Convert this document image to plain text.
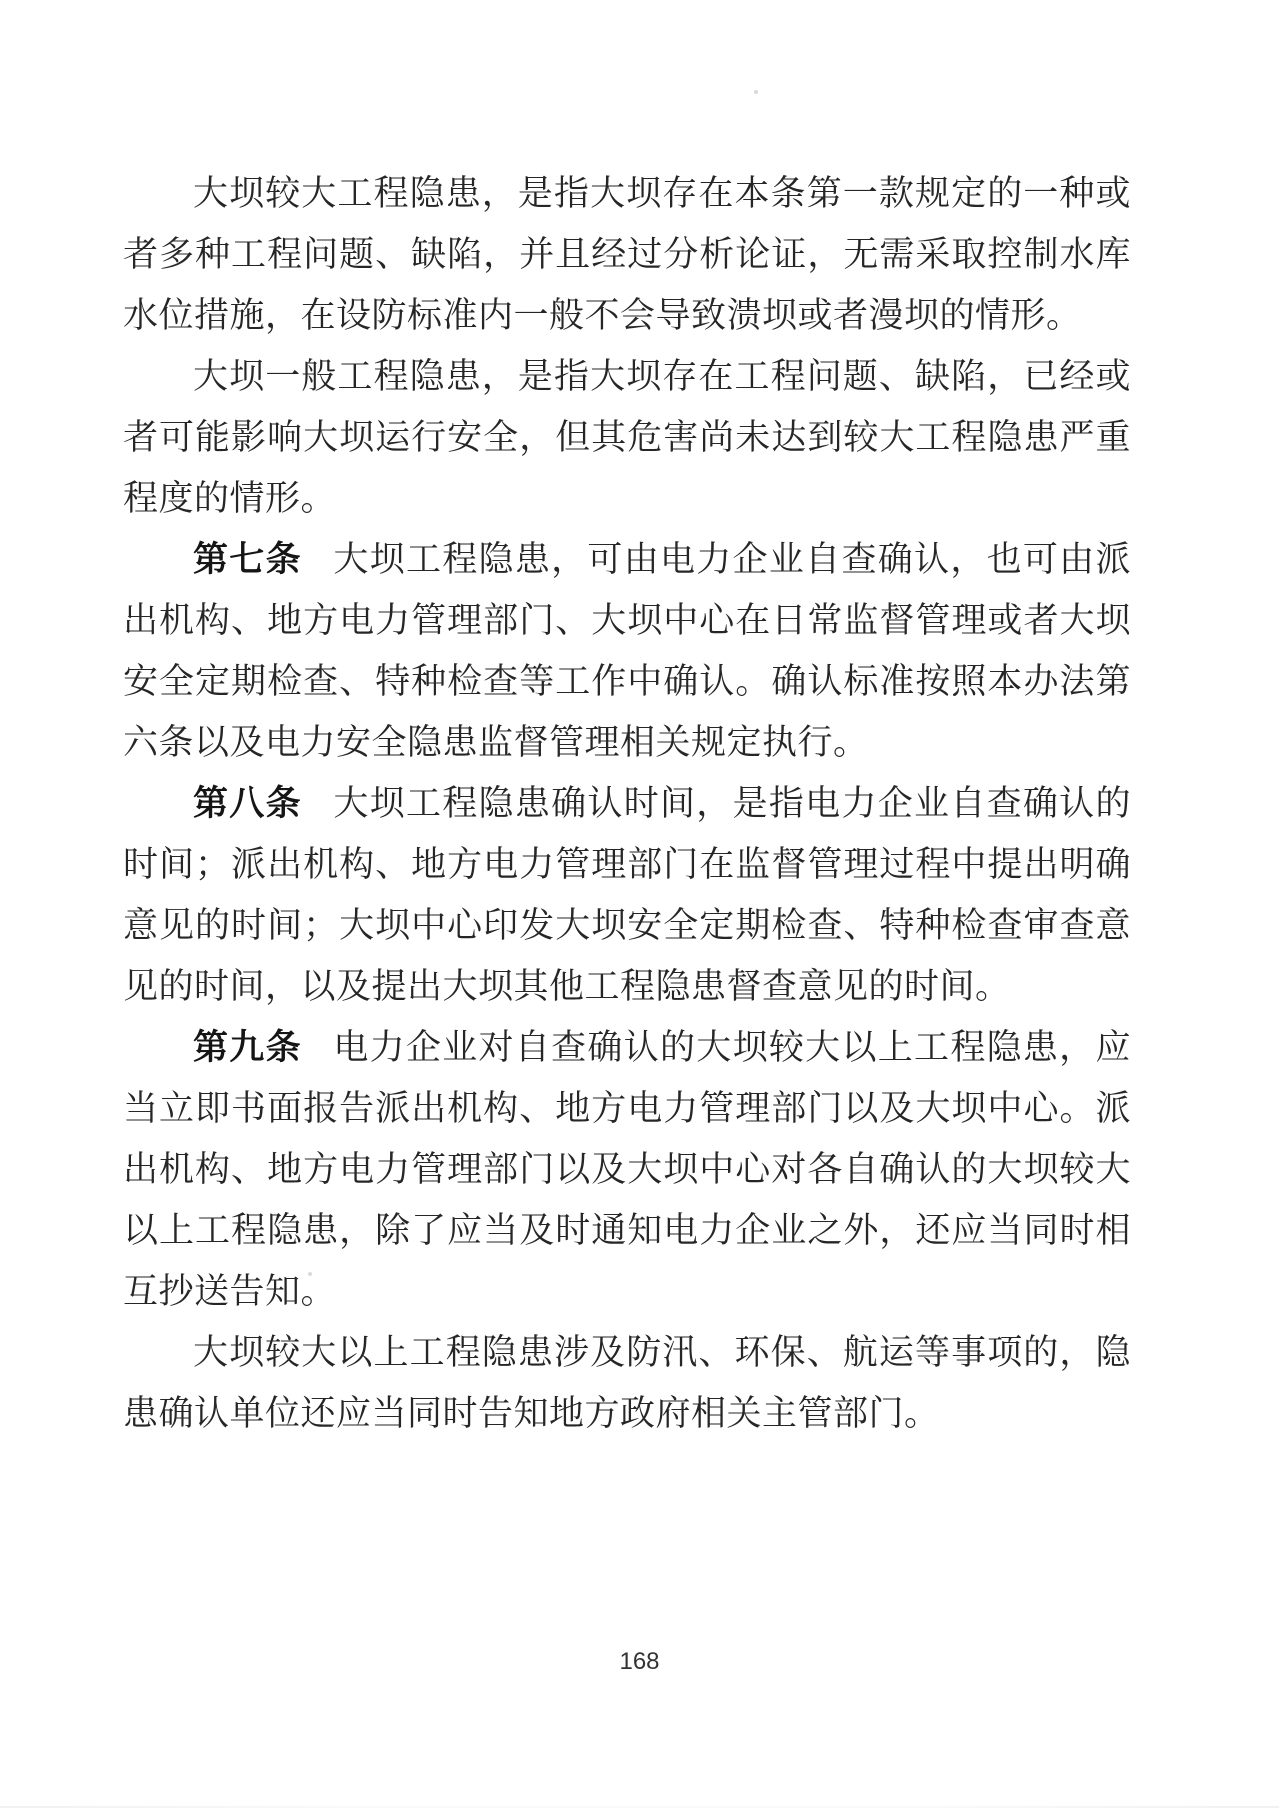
大坝较大工程隐患，是指大坝存在本条第一款规定的一种或
者多种工程问题、缺陷，并且经过分析论证，无需采取控制水库
水位措施，在设防标准内一般不会导致溃坝或者漫坝的情形。
大坝一般工程隐患，是指大坝存在工程问题、缺陷，已经或
者可能影响大坝运行安全，但其危害尚未达到较大工程隐患严重
程度的情形。
第七条 大坝工程隐患，可由电力企业自查确认，也可由派
出机构、地方电力管理部门、大坝中心在日常监督管理或者大坝
安全定期检查、特种检查等工作中确认。确认标准按照本办法第
六条以及电力安全隐患监督管理相关规定执行。
第八条 大坝工程隐患确认时间，是指电力企业自查确认的
时间；派出机构、地方电力管理部门在监督管理过程中提出明确
意见的时间；大坝中心印发大坝安全定期检查、特种检查审查意
见的时间，以及提出大坝其他工程隐患督查意见的时间。
第九条 电力企业对自查确认的大坝较大以上工程隐患，应
当立即书面报告派出机构、地方电力管理部门以及大坝中心。派
出机构、地方电力管理部门以及大坝中心对各自确认的大坝较大
以上工程隐患，除了应当及时通知电力企业之外，还应当同时相
互抄送告知。
大坝较大以上工程隐患涉及防汛、环保、航运等事项的，隐
患确认单位还应当同时告知地方政府相关主管部门。
168
